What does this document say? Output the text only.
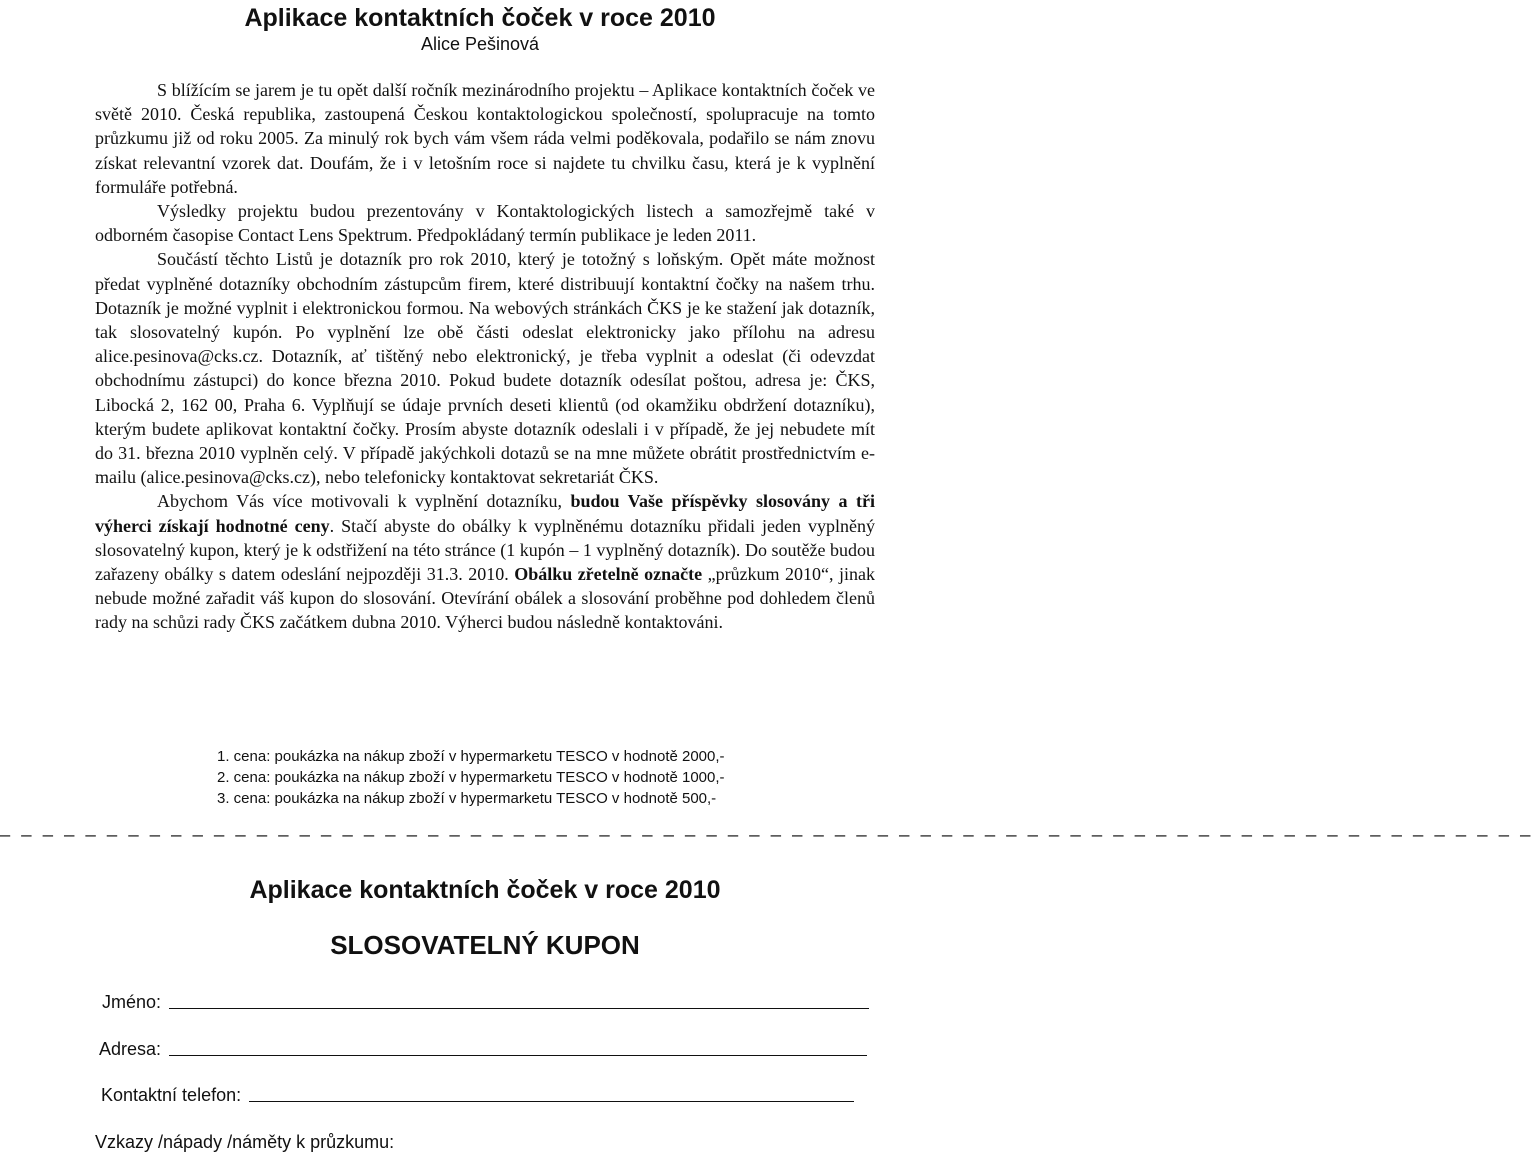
Aplikace kontaktních čoček v roce 2010

Alice Pešinová

S blížícím se jarem je tu opět další ročník mezinárodního projektu – Aplikace kontaktních čoček ve světě 2010. Česká republika, zastoupená Českou kontaktologickou společností, spolupracuje na tomto průzkumu již od roku 2005. Za minulý rok bych vám všem ráda velmi poděkovala, podařilo se nám znovu získat relevantní vzorek dat. Doufám, že i v letošním roce si najdete tu chvilku času, která je k vyplnění formuláře potřebná.

Výsledky projektu budou prezentovány v Kontaktologických listech a samozřejmě také v odborném časopise Contact Lens Spektrum. Předpokládaný termín publikace je leden 2011.

Součástí těchto Listů je dotazník pro rok 2010, který je totožný s loňským. Opět máte možnost předat vyplněné dotazníky obchodním zástupcům firem, které distribuují kontaktní čočky na našem trhu. Dotazník je možné vyplnit i elektronickou formou. Na webových stránkách ČKS je ke stažení jak dotazník, tak slosovatelný kupón. Po vyplnění lze obě části odeslat elektronicky jako přílohu na adresu alice.pesinova@cks.cz. Dotazník, ať tištěný nebo elektronický, je třeba vyplnit a odeslat (či odevzdat obchodnímu zástupci) do konce března 2010. Pokud budete dotazník odesílat poštou, adresa je: ČKS, Libocká 2, 162 00, Praha 6. Vyplňují se údaje prvních deseti klientů (od okamžiku obdržení dotazníku), kterým budete aplikovat kontaktní čočky. Prosím abyste dotazník odeslali i v případě, že jej nebudete mít do 31. března 2010 vyplněn celý. V případě jakýchkoli dotazů se na mne můžete obrátit prostřednictvím e-mailu (alice.pesinova@cks.cz), nebo telefonicky kontaktovat sekretariát ČKS.

Abychom Vás více motivovali k vyplnění dotazníku, budou Vaše příspěvky slosovány a tři výherci získají hodnotné ceny. Stačí abyste do obálky k vyplněnému dotazníku přidali jeden vyplněný slosovatelný kupon, který je k odstřižení na této stránce (1 kupón – 1 vyplněný dotazník). Do soutěže budou zařazeny obálky s datem odeslání nejpozději 31.3. 2010. Obálku zřetelně označte „průzkum 2010“, jinak nebude možné zařadit váš kupon do slosování. Otevírání obálek a slosování proběhne pod dohledem členů rady na schůzi rady ČKS začátkem dubna 2010. Výherci budou následně kontaktováni.

1. cena: poukázka na nákup zboží v hypermarketu TESCO v hodnotě 2000,-

2. cena: poukázka na nákup zboží v hypermarketu TESCO v hodnotě 1000,-

3. cena: poukázka na nákup zboží v hypermarketu TESCO v hodnotě 500,-

_ _ _ _ _ _ _ _ _ _ _ _ _ _ _ _ _ _ _ _ _ _ _ _ _ _ _ _ _ _ _ _ _ _ _ _ _ _ _ _ _ _ _ _ _ _ _ _ _ _ _ _ _ _ _ _ _ _ _ _ _ _ _ _ _ _ _ _ _ _ _ _
Aplikace kontaktních čoček v roce 2010
SLOSOVATELNÝ KUPON
Jméno:
Adresa:
Kontaktní telefon:
Vzkazy /nápady /náměty k průzkumu:
